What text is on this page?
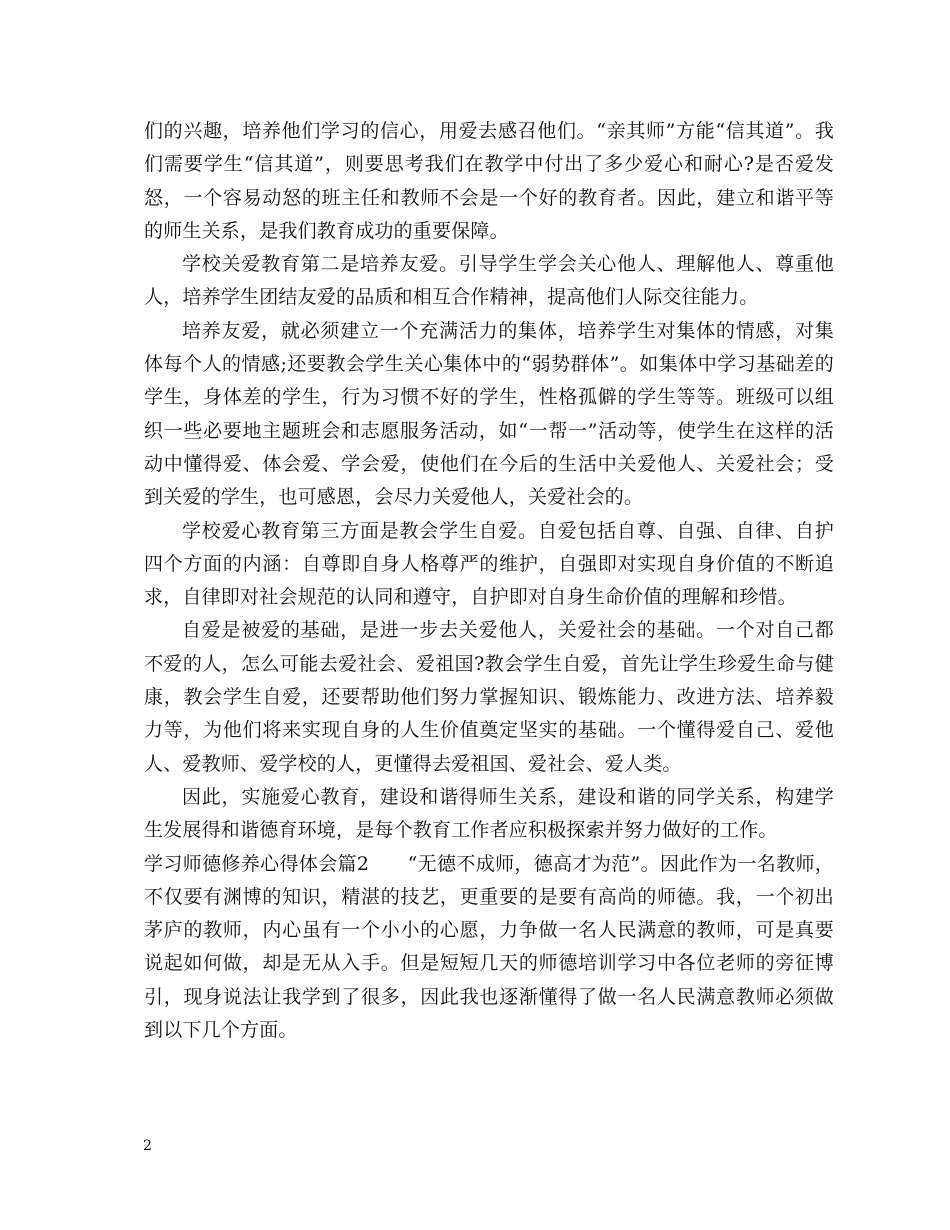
们的兴趣，培养他们学习的信心，用爱去感召他们。“亲其师”方能“信其道”。我们需要学生“信其道”，则要思考我们在教学中付出了多少爱心和耐心?是否爱发怒，一个容易动怒的班主任和教师不会是一个好的教育者。因此，建立和谐平等的师生关系，是我们教育成功的重要保障。

学校关爱教育第二是培养友爱。引导学生学会关心他人、理解他人、尊重他人，培养学生团结友爱的品质和相互合作精神，提高他们人际交往能力。

培养友爱，就必须建立一个充满活力的集体，培养学生对集体的情感，对集体每个人的情感;还要教会学生关心集体中的“弱势群体”。如集体中学习基础差的学生，身体差的学生，行为习惯不好的学生，性格孤僻的学生等等。班级可以组织一些必要地主题班会和志愿服务活动，如“一帮一”活动等，使学生在这样的活动中懂得爱、体会爱、学会爱，使他们在今后的生活中关爱他人、关爱社会；受到关爱的学生，也可感恩，会尽力关爱他人，关爱社会的。

学校爱心教育第三方面是教会学生自爱。自爱包括自尊、自强、自律、自护四个方面的内涵：自尊即自身人格尊严的维护，自强即对实现自身价值的不断追求，自律即对社会规范的认同和遵守，自护即对自身生命价值的理解和珍惜。

自爱是被爱的基础，是进一步去关爱他人，关爱社会的基础。一个对自己都不爱的人，怎么可能去爱社会、爱祖国?教会学生自爱，首先让学生珍爱生命与健康，教会学生自爱，还要帮助他们努力掌握知识、锻炼能力、改进方法、培养毅力等，为他们将来实现自身的人生价值奠定坚实的基础。一个懂得爱自己、爱他人、爱教师、爱学校的人，更懂得去爱祖国、爱社会、爱人类。

因此，实施爱心教育，建设和谐得师生关系，建设和谐的同学关系，构建学生发展得和谐德育环境，是每个教育工作者应积极探索并努力做好的工作。

学习师德修养心得体会篇2 “无德不成师，德高才为范”。因此作为一名教师，不仅要有渊博的知识，精湛的技艺，更重要的是要有高尚的师德。我，一个初出茅庐的教师，内心虽有一个小小的心愿，力争做一名人民满意的教师，可是真要说起如何做，却是无从入手。但是短短几天的师德培训学习中各位老师的旁征博引，现身说法让我学到了很多，因此我也逐渐懂得了做一名人民满意教师必须做到以下几个方面。

2
